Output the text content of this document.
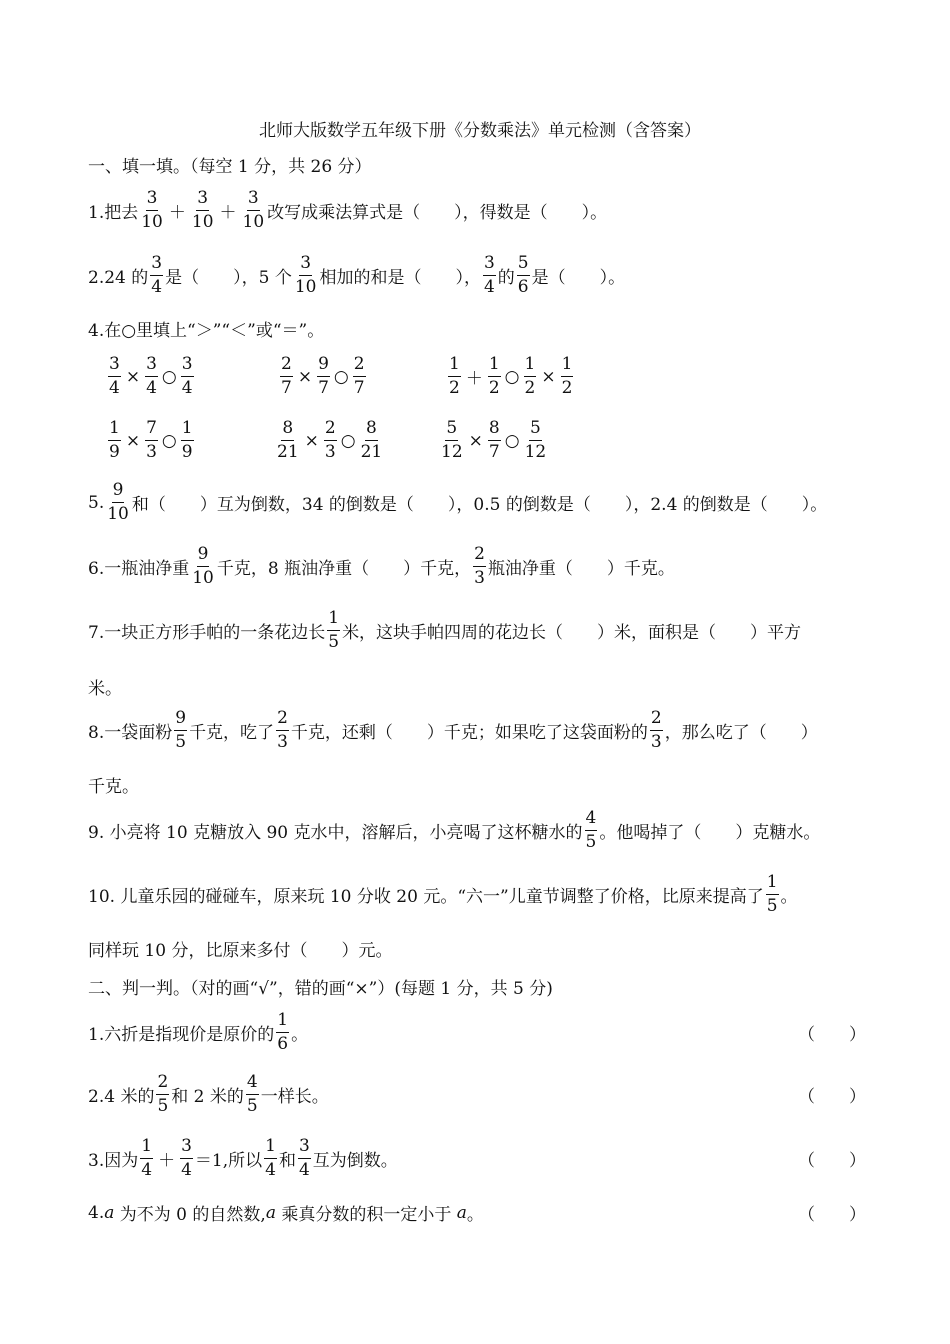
北师大版数学五年级下册《分数乘法》单元检测（含答案）
一、填一填。（每空 1 分，共 26 分）
1.把去 $\frac{3}{10} + \frac{3}{10} + \frac{3}{10}$ 改写成乘法算式是（　　），得数是（　　）。
2.24 的 $\frac{3}{4}$ 是（　　），5 个 $\frac{3}{10}$ 相加的和是（　　）， $\frac{3}{4}$ 的 $\frac{5}{6}$ 是（　　）。
4.在○里填上“＞”“＜”或“＝”。
$\frac{3}{4} \times \frac{3}{4}$ ○ $\frac{3}{4}$	$\frac{2}{7} \times \frac{9}{7}$ ○ $\frac{2}{7}$	$\frac{1}{2} + \frac{1}{2}$ ○ $\frac{1}{2} \times \frac{1}{2}$
$\frac{1}{9} \times \frac{7}{3}$ ○ $\frac{1}{9}$	$\frac{8}{21} \times \frac{2}{3}$ ○ $\frac{8}{21}$	$\frac{5}{12} \times \frac{8}{7}$ ○ $\frac{5}{12}$
5. $\frac{9}{10}$ 和（　　）互为倒数，34 的倒数是（　　），0.5 的倒数是（　　），2.4 的倒数是（　　）。
6.一瓶油净重 $\frac{9}{10}$ 千克，8 瓶油净重（　　）千克， $\frac{2}{3}$ 瓶油净重（　　）千克。
7.一块正方形手帕的一条花边长 $\frac{1}{5}$ 米，这块手帕四周的花边长（　　）米，面积是（　　）平方
米。
8.一袋面粉 $\frac{9}{5}$ 千克，吃了 $\frac{2}{3}$ 千克，还剩（　　）千克；如果吃了这袋面粉的 $\frac{2}{3}$ ，那么吃了（　　）
千克。
9. 小亮将 10 克糖放入 90 克水中，溶解后，小亮喝了这杯糖水的 $\frac{4}{5}$ 。他喝掉了（　　）克糖水。
10. 儿童乐园的碰碰车，原来玩 10 分收 20 元。“六一”儿童节调整了价格，比原来提高了 $\frac{1}{5}$ 。
同样玩 10 分，比原来多付（　　）元。
二、判一判。（对的画“√”，错的画“×”）(每题 1 分，共 5 分)
1.六折是指现价是原价的 $\frac{1}{6}$ 。	（　　）
2.4 米的 $\frac{2}{5}$ 和 2 米的 $\frac{4}{5}$ 一样长。	（　　）
3.因为 $\frac{1}{4} + \frac{3}{4} =1$,所以 $\frac{1}{4}$ 和 $\frac{3}{4}$ 互为倒数。	（　　）
4. a 为不为 0 的自然数, a 乘真分数的积一定小于 a 。	（　　）
